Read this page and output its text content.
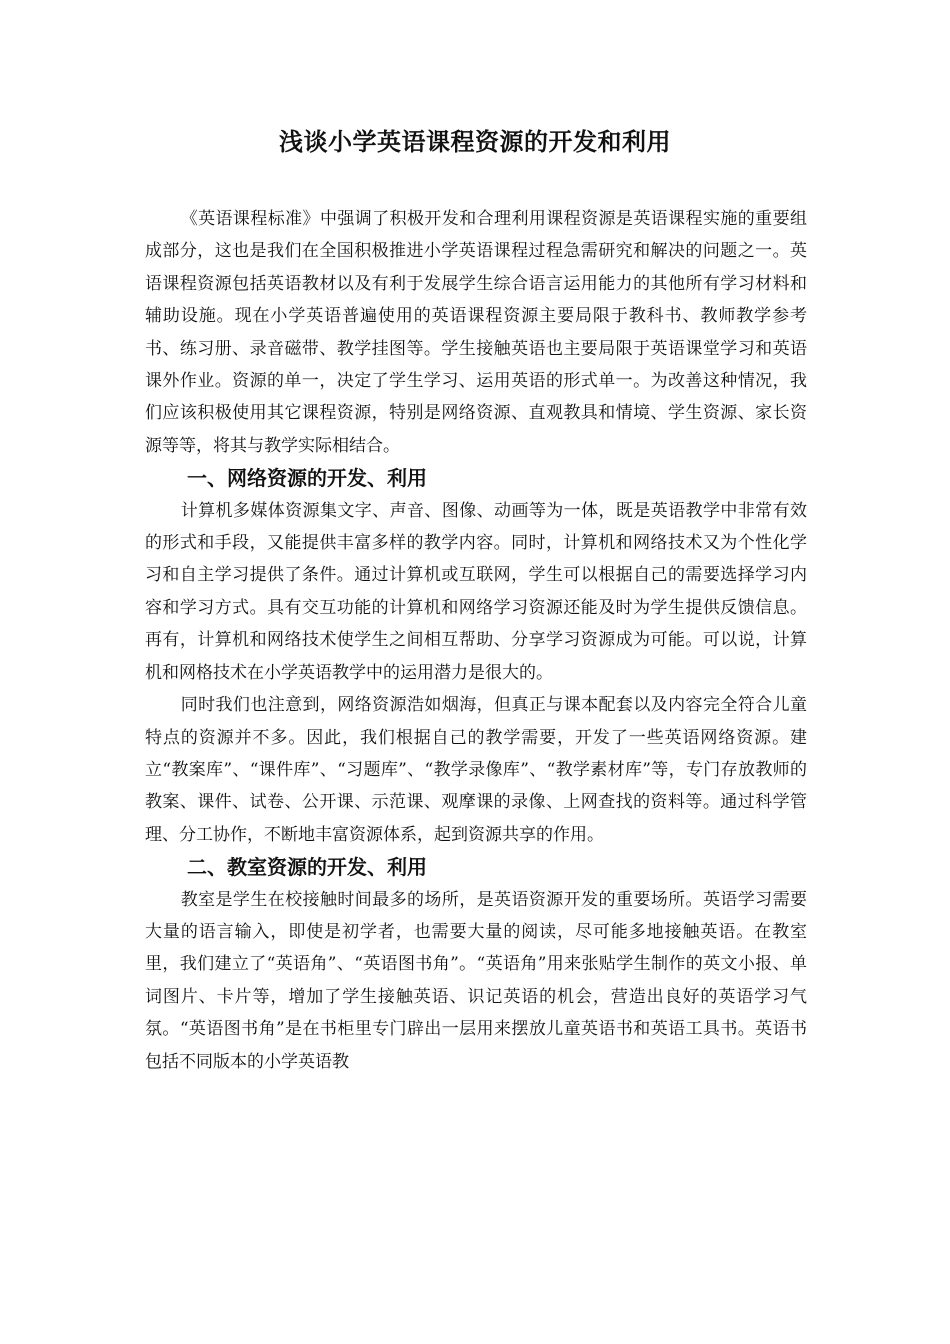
浅谈小学英语课程资源的开发和利用

《英语课程标准》中强调了积极开发和合理利用课程资源是英语课程实施的重要组成部分，这也是我们在全国积极推进小学英语课程过程急需研究和解决的问题之一。英语课程资源包括英语教材以及有利于发展学生综合语言运用能力的其他所有学习材料和辅助设施。现在小学英语普遍使用的英语课程资源主要局限于教科书、教师教学参考书、练习册、录音磁带、教学挂图等。学生接触英语也主要局限于英语课堂学习和英语课外作业。资源的单一，决定了学生学习、运用英语的形式单一。为改善这种情况，我们应该积极使用其它课程资源，特别是网络资源、直观教具和情境、学生资源、家长资源等等，将其与教学实际相结合。

一、网络资源的开发、利用

计算机多媒体资源集文字、声音、图像、动画等为一体，既是英语教学中非常有效的形式和手段，又能提供丰富多样的教学内容。同时，计算机和网络技术又为个性化学习和自主学习提供了条件。通过计算机或互联网，学生可以根据自己的需要选择学习内容和学习方式。具有交互功能的计算机和网络学习资源还能及时为学生提供反馈信息。再有，计算机和网络技术使学生之间相互帮助、分享学习资源成为可能。可以说，计算机和网格技术在小学英语教学中的运用潜力是很大的。

同时我们也注意到，网络资源浩如烟海，但真正与课本配套以及内容完全符合儿童特点的资源并不多。因此，我们根据自己的教学需要，开发了一些英语网络资源。建立“教案库”、“课件库”、“习题库”、“教学录像库”、“教学素材库”等，专门存放教师的教案、课件、试卷、公开课、示范课、观摩课的录像、上网查找的资料等。通过科学管理、分工协作，不断地丰富资源体系，起到资源共享的作用。

二、教室资源的开发、利用

教室是学生在校接触时间最多的场所，是英语资源开发的重要场所。英语学习需要大量的语言输入，即使是初学者，也需要大量的阅读，尽可能多地接触英语。在教室里，我们建立了“英语角”、“英语图书角”。“英语角”用来张贴学生制作的英文小报、单词图片、卡片等，增加了学生接触英语、识记英语的机会，营造出良好的英语学习气氛。“英语图书角”是在书柜里专门辟出一层用来摆放儿童英语书和英语工具书。英语书包括不同版本的小学英语教
